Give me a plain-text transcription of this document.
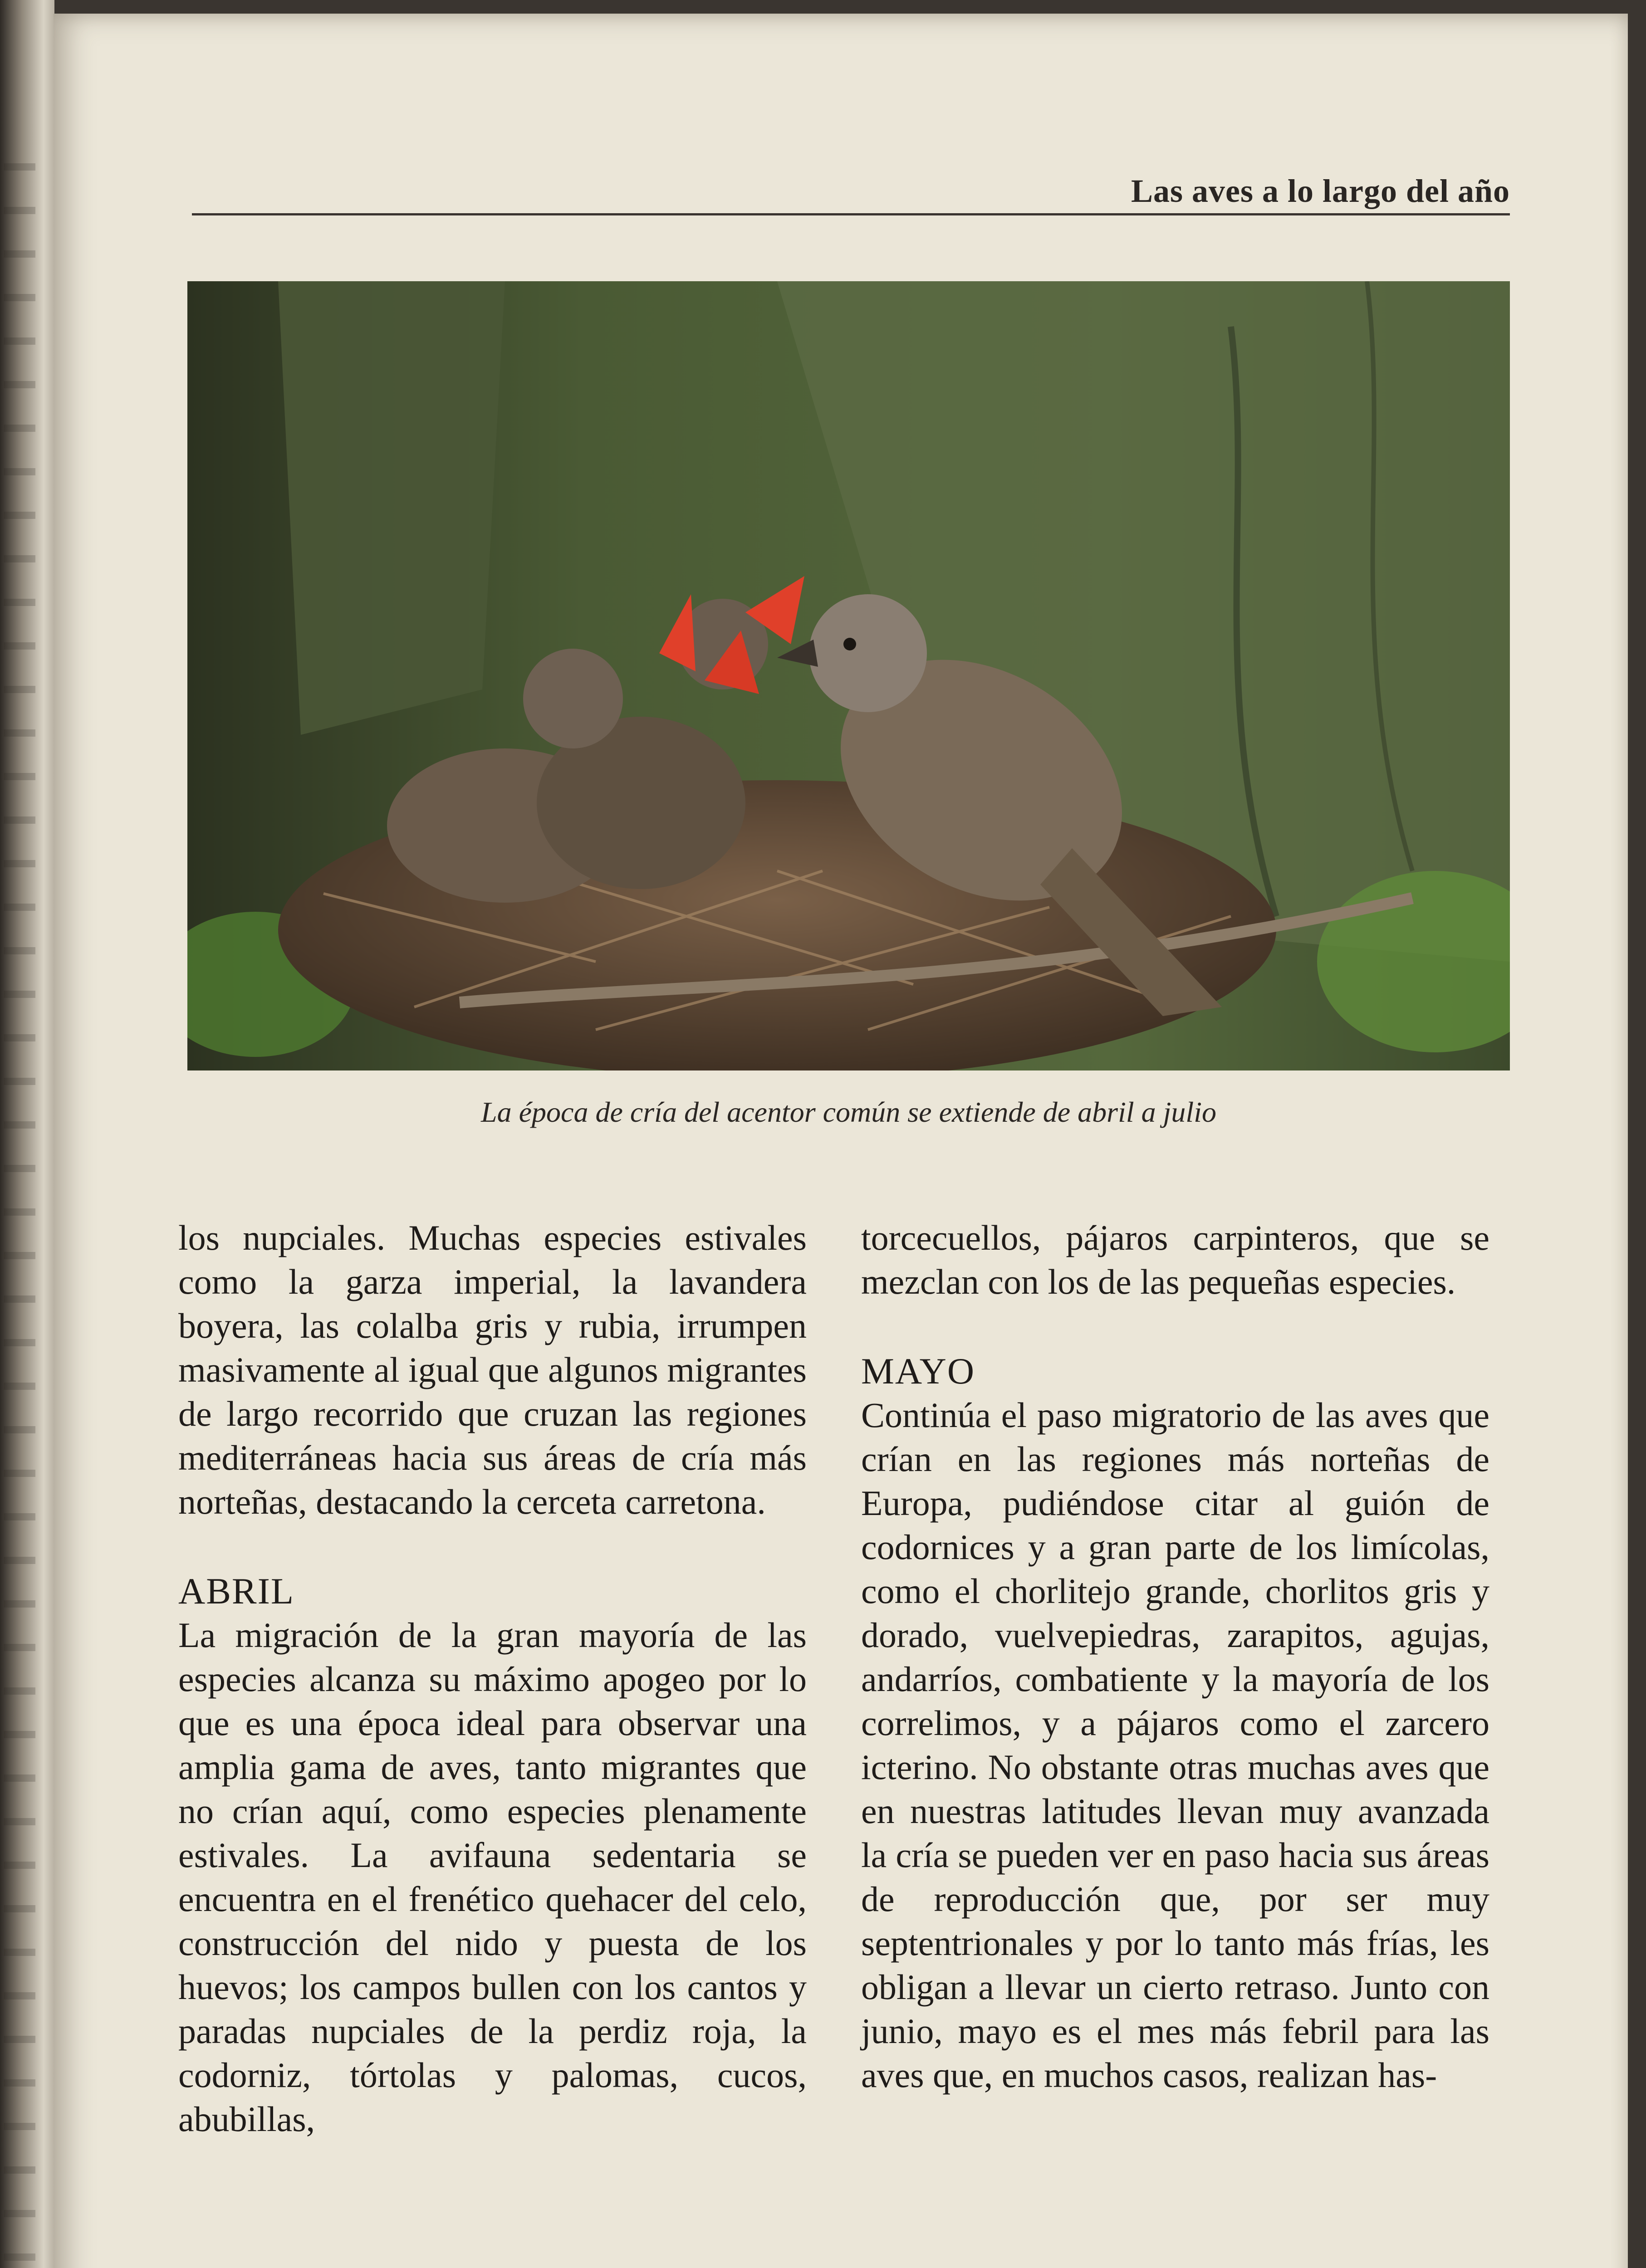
Las aves a lo largo del año
La época de cría del acentor común se extiende de abril a julio

los nupciales. Muchas especies estivales como la garza imperial, la lavandera boyera, las colalba gris y rubia, irrumpen masivamente al igual que algunos migrantes de largo recorrido que cruzan las regiones mediterráneas hacia sus áreas de cría más norteñas, destacando la cerceta carretona.

ABRIL

La migración de la gran mayoría de las especies alcanza su máximo apogeo por lo que es una época ideal para observar una amplia gama de aves, tanto migrantes que no crían aquí, como especies plenamente estivales. La avifauna sedentaria se encuentra en el frenético quehacer del celo, construcción del nido y puesta de los huevos; los campos bullen con los cantos y paradas nupciales de la perdiz roja, la codorniz, tórtolas y palomas, cucos, abubillas,

torcecuellos, pájaros carpinteros, que se mezclan con los de las pequeñas especies.

MAYO

Continúa el paso migratorio de las aves que crían en las regiones más norteñas de Europa, pudiéndose citar al guión de codornices y a gran parte de los limícolas, como el chorlitejo grande, chorlitos gris y dorado, vuelvepiedras, zarapitos, agujas, andarríos, combatiente y la mayoría de los correlimos, y a pájaros como el zarcero icterino. No obstante otras muchas aves que en nuestras latitudes llevan muy avanzada la cría se pueden ver en paso hacia sus áreas de reproducción que, por ser muy septentrionales y por lo tanto más frías, les obligan a llevar un cierto retraso. Junto con junio, mayo es el mes más febril para las aves que, en muchos casos, realizan has-
